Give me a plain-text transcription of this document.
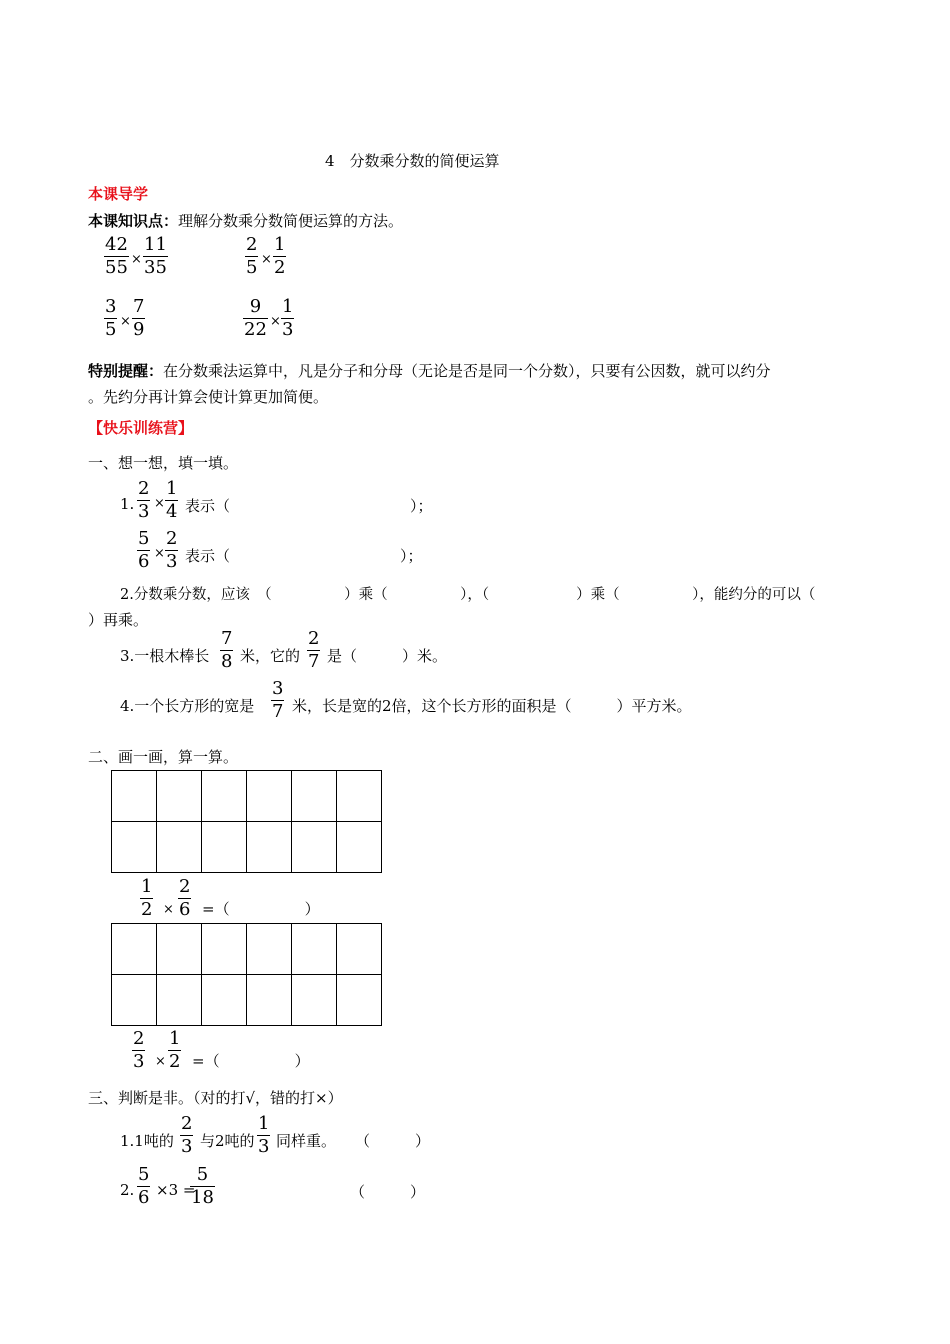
4　分数乘分数的简便运算
本课导学
本课知识点：理解分数乘分数简便运算的方法。
42
55 ×
11
35
2
5 ×
1
2
3
5 ×
7
9
9
22 ×
1
3
特别提醒：在分数乘法运算中，凡是分子和分母（无论是否是同一个分数），只要有公因数，就可以约分
。先约分再计算会使计算更加简便。
【快乐训练营】
一、想一想，填一填。
1.
2
3 ×
1
4 表示（	）；
5
6 ×
2
3 表示（	）；
2.分数乘分数，应该　（　　　　　）乘（　　　　　），（　　　　　　）乘（　　　　　），能约分的可以（
）再乘。
3.一根木棒长
7
8 米，它的
2
7 是（　　　）米。
4.一个长方形的宽是
3
7 米，长是宽的2倍，这个长方形的面积是（　　　）平方米。
二、画一画，算一算。

1
2 ×
2
6 =（　　　　　）

2
3 ×
1
2 =（　　　　　）
三、判断是非。（对的打√，错的打×）
1.1吨的
2
3 与2吨的
1
3 同样重。 （　　　）
2.
5
6 ×3 =
5
18	（　　　）
